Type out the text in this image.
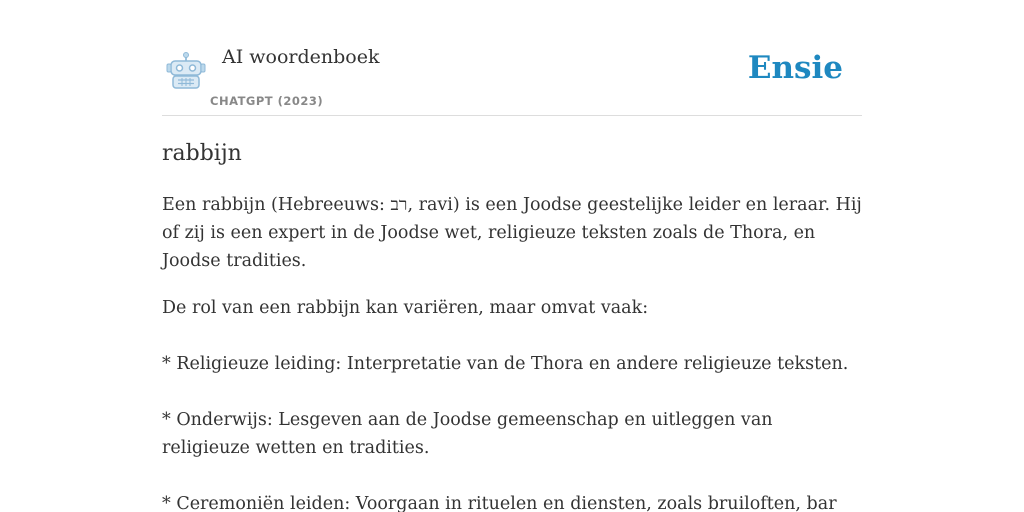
AI woordenboek
CHATGPT (2023)
Ensie
rabbijn

Een rabbijn (Hebreeuws: רב, ravi) is een Joodse geestelijke leider en leraar. Hij of zij is een expert in de Joodse wet, religieuze teksten zoals de Thora, en Joodse tradities.

De rol van een rabbijn kan variëren, maar omvat vaak:

* Religieuze leiding: Interpretatie van de Thora en andere religieuze teksten.

* Onderwijs: Lesgeven aan de Joodse gemeenschap en uitleggen van religieuze wetten en tradities.

* Ceremoniën leiden: Voorgaan in rituelen en diensten, zoals bruiloften, bar
